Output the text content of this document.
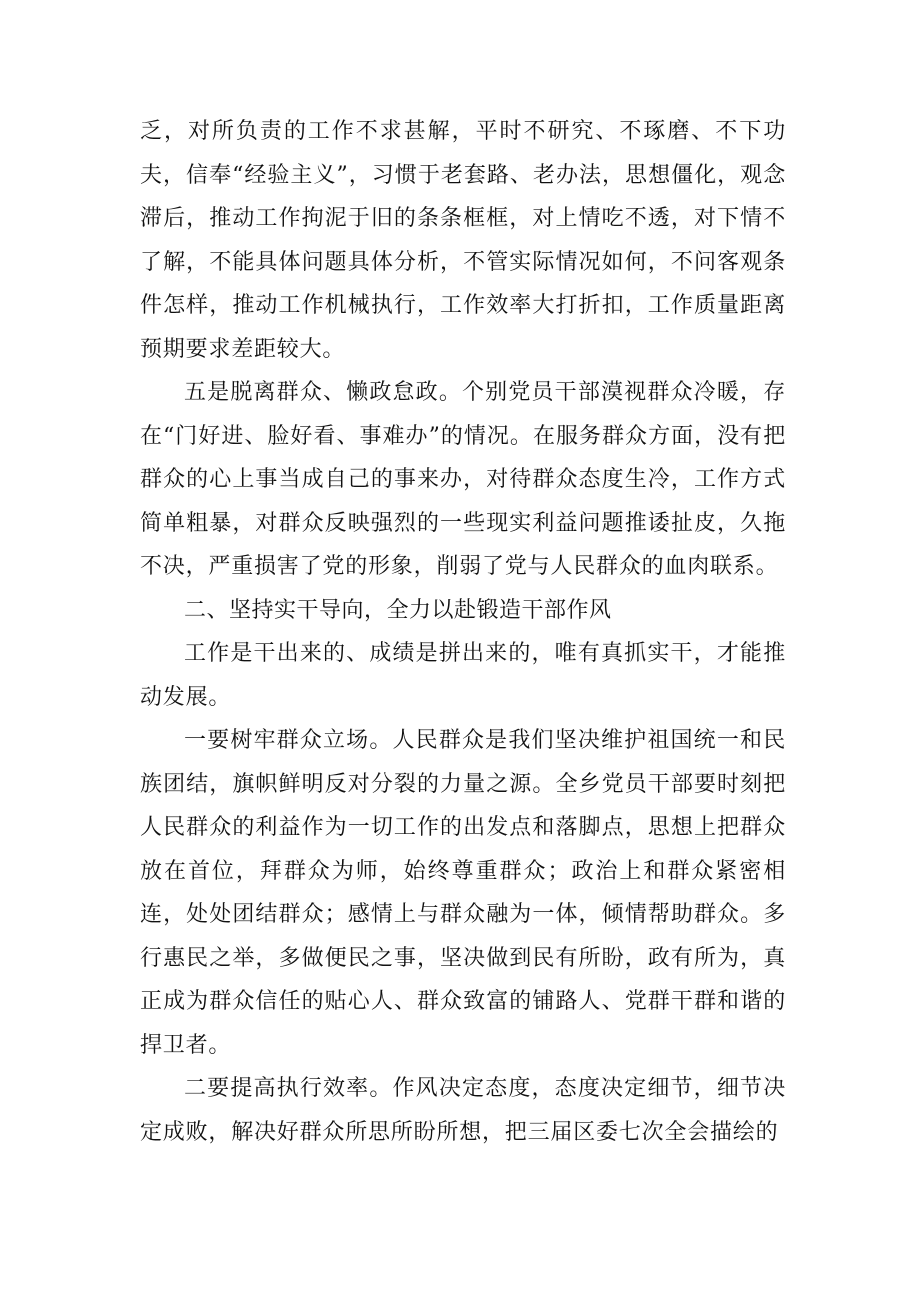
乏，对所负责的工作不求甚解，平时不研究、不琢磨、不下功夫，信奉“经验主义”，习惯于老套路、老办法，思想僵化，观念滞后，推动工作拘泥于旧的条条框框，对上情吃不透，对下情不了解，不能具体问题具体分析，不管实际情况如何，不问客观条件怎样，推动工作机械执行，工作效率大打折扣，工作质量距离预期要求差距较大。

五是脱离群众、懒政怠政。个别党员干部漠视群众冷暖，存在“门好进、脸好看、事难办”的情况。在服务群众方面，没有把群众的心上事当成自己的事来办，对待群众态度生冷，工作方式简单粗暴，对群众反映强烈的一些现实利益问题推诿扯皮，久拖不决，严重损害了党的形象，削弱了党与人民群众的血肉联系。

二、坚持实干导向，全力以赴锻造干部作风

工作是干出来的、成绩是拼出来的，唯有真抓实干，才能推动发展。

一要树牢群众立场。人民群众是我们坚决维护祖国统一和民族团结，旗帜鲜明反对分裂的力量之源。全乡党员干部要时刻把人民群众的利益作为一切工作的出发点和落脚点，思想上把群众放在首位，拜群众为师，始终尊重群众；政治上和群众紧密相连，处处团结群众；感情上与群众融为一体，倾情帮助群众。多行惠民之举，多做便民之事，坚决做到民有所盼，政有所为，真正成为群众信任的贴心人、群众致富的铺路人、党群干群和谐的捍卫者。

二要提高执行效率。作风决定态度，态度决定细节，细节决定成败，解决好群众所思所盼所想，把三届区委七次全会描绘的
